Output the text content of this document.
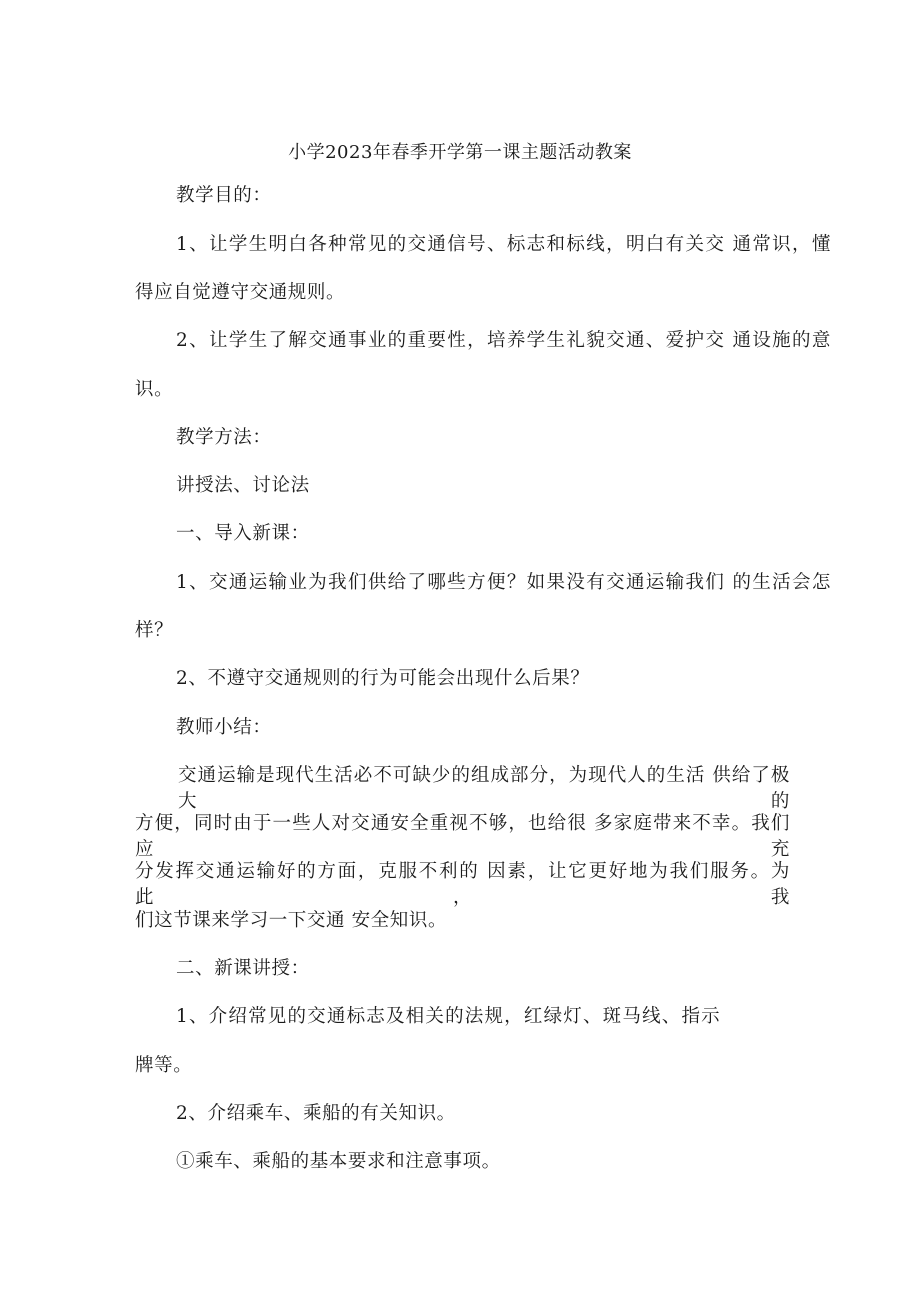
小学2023年春季开学第一课主题活动教案
教学目的：
1、让学生明白各种常见的交通信号、标志和标线，明白有关交 通常识，懂
得应自觉遵守交通规则。
2、让学生了解交通事业的重要性，培养学生礼貌交通、爱护交 通设施的意
识。
教学方法：
讲授法、讨论法
一、导入新课：
1、交通运输业为我们供给了哪些方便？如果没有交通运输我们 的生活会怎
样？
2、不遵守交通规则的行为可能会出现什么后果？
教师小结：
交通运输是现代生活必不可缺少的组成部分，为现代人的生活 供给了极大的
方便，同时由于一些人对交通安全重视不够，也给很 多家庭带来不幸。我们应充
分发挥交通运输好的方面，克服不利的 因素，让它更好地为我们服务。为此，我
们这节课来学习一下交通 安全知识。
二、新课讲授：
1、介绍常见的交通标志及相关的法规，红绿灯、斑马线、指示
牌等。
2、介绍乘车、乘船的有关知识。
①乘车、乘船的基本要求和注意事项。
